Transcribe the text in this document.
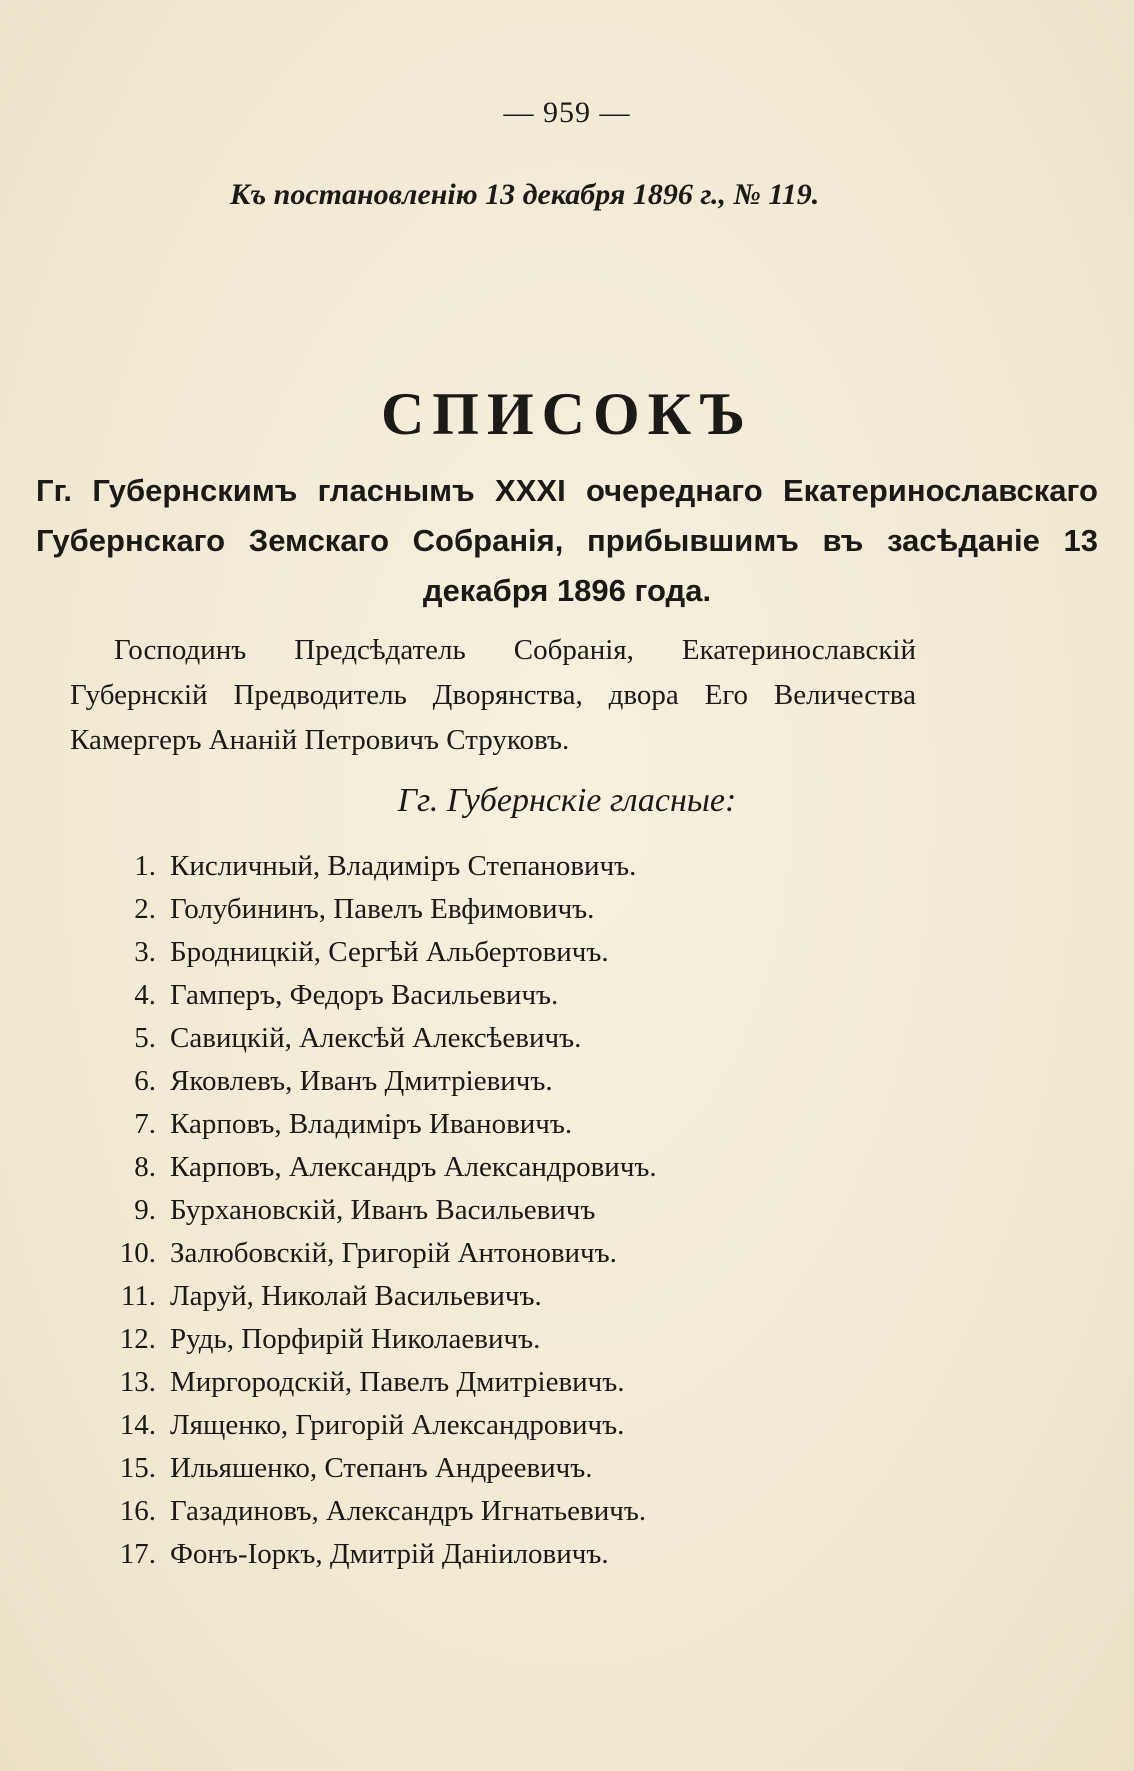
— 959 —
Къ постановленію 13 декабря 1896 г., № 119.
СПИСОКЪ
Гг. Губернскимъ гласнымъ XXXI очереднаго Екатеринославскаго Губернскаго Земскаго Собранія, прибывшимъ въ засѣданіе 13 декабря 1896 года.
Господинъ Предсѣдатель Собранія, Екатеринославскій Губернскій Предводитель Дворянства, двора Его Величества Камергеръ Ананій Петровичъ Струковъ.
Гг. Губернскіе гласные:
1. Кисличный, Владиміръ Степановичъ.
2. Голубининъ, Павелъ Евфимовичъ.
3. Бродницкій, Сергѣй Альбертовичъ.
4. Гамперъ, Федоръ Васильевичъ.
5. Савицкій, Алексѣй Алексѣевичъ.
6. Яковлевъ, Иванъ Дмитріевичъ.
7. Карповъ, Владиміръ Ивановичъ.
8. Карповъ, Александръ Александровичъ.
9. Бурхановскій, Иванъ Васильевичъ
10. Залюбовскій, Григорій Антоновичъ.
11. Ларуй, Николай Васильевичъ.
12. Рудь, Порфирій Николаевичъ.
13. Миргородскій, Павелъ Дмитріевичъ.
14. Лященко, Григорій Александровичъ.
15. Ильяшенко, Степанъ Андреевичъ.
16. Газадиновъ, Александръ Игнатьевичъ.
17. Фонъ-Іоркъ, Дмитрій Даніиловичъ.
